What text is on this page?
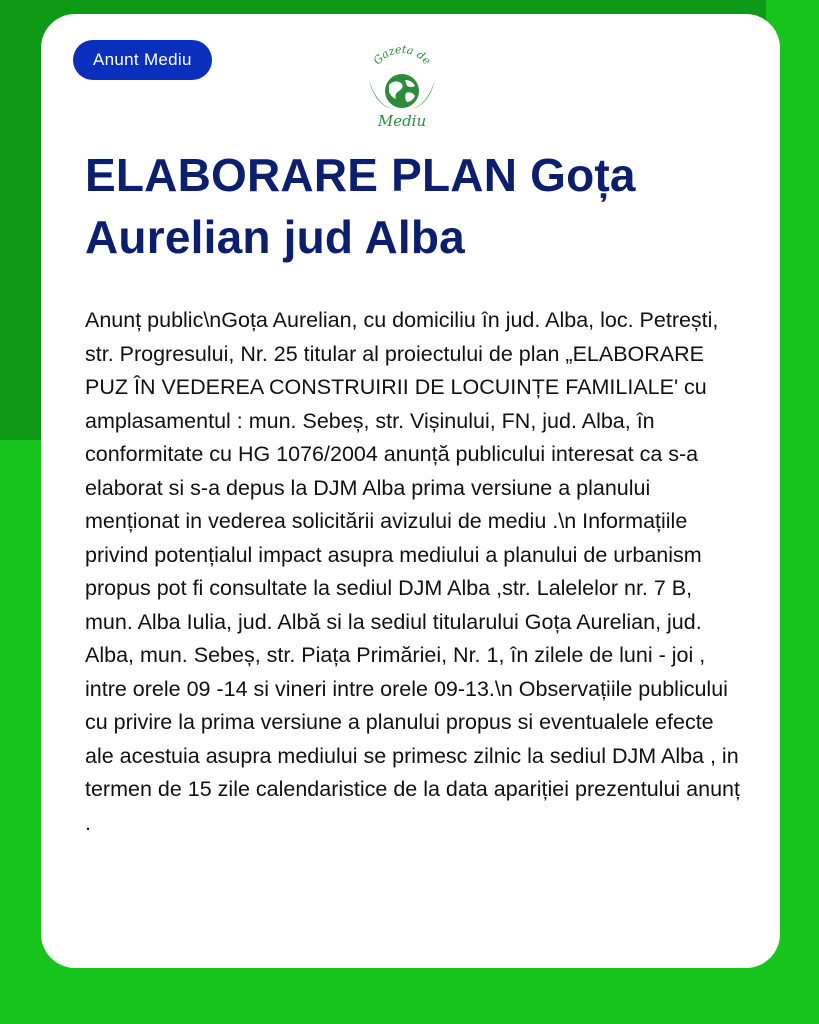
Anunt Mediu	Gazeta de
Mediu
ELABORARE PLAN Goța Aurelian jud Alba

Anunț public\nGoța Aurelian, cu domiciliu în jud. Alba, loc. Petrești, str. Progresului, Nr. 25 titular al proiectului de plan „ELABORARE PUZ ÎN VEDEREA CONSTRUIRII DE LOCUINȚE FAMILIALE' cu amplasamentul : mun. Sebeș, str. Vișinului, FN, jud. Alba, în conformitate cu HG 1076/2004 anunță publicului interesat ca s-a elaborat si s-a depus la DJM Alba prima versiune a planului menționat in vederea solicitării avizului de mediu .\n Informațiile privind potențialul impact asupra mediului a planului de urbanism propus pot fi consultate la sediul DJM Alba ,str. Lalelelor nr. 7 B, mun. Alba Iulia, jud. Albă si la sediul titularului Goța Aurelian, jud. Alba, mun. Sebeș, str. Piața Primăriei, Nr. 1, în zilele de luni - joi , intre orele 09 -14 si vineri intre orele 09-13.\n Observațiile publicului cu privire la prima versiune a planului propus si eventualele efecte ale acestuia asupra mediului se primesc zilnic la sediul DJM Alba , in termen de 15 zile calendaristice de la data apariției prezentului anunț .
